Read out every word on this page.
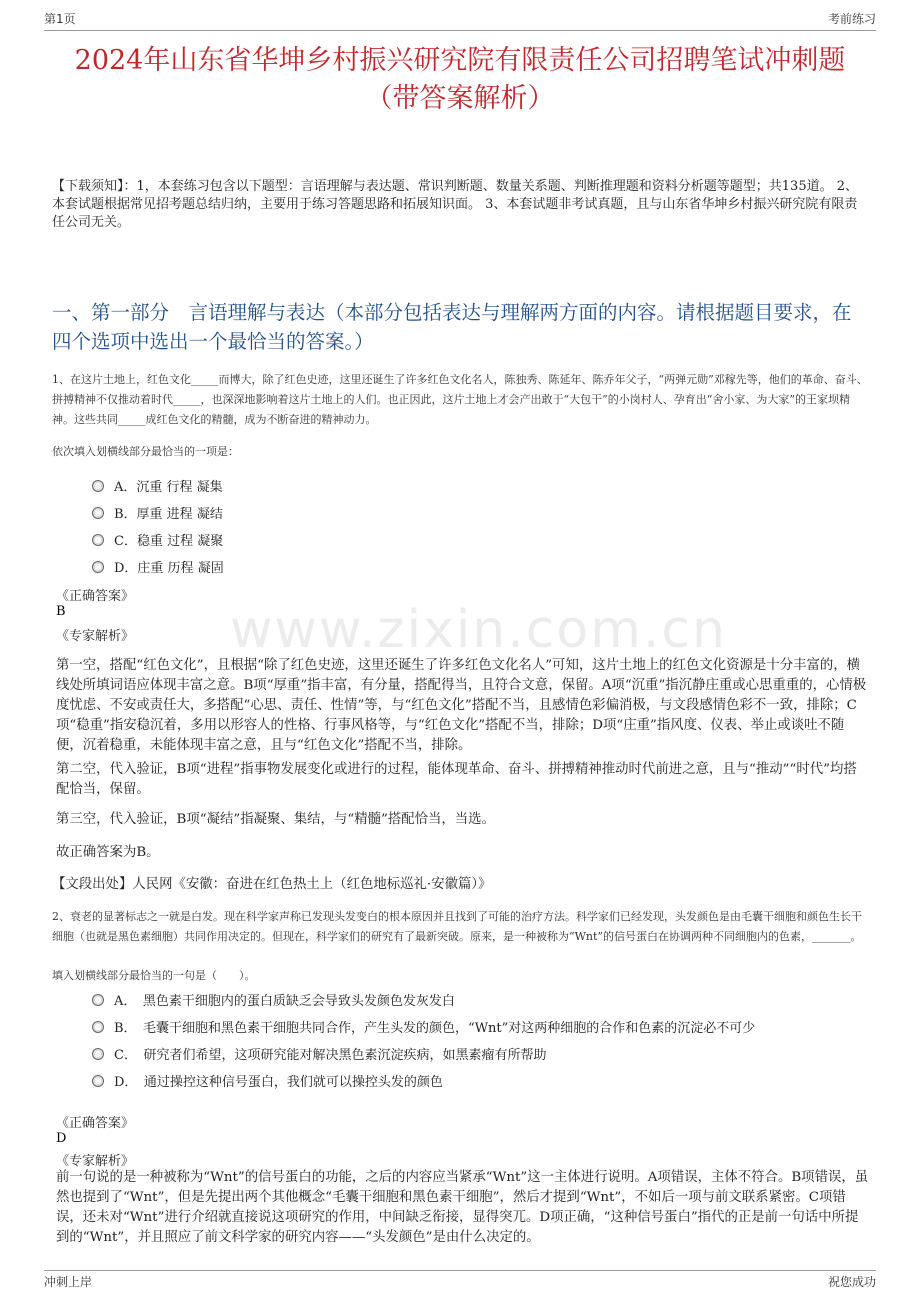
第1页	考前练习
www.zixin.com.cn
2024年山东省华坤乡村振兴研究院有限责任公司招聘笔试冲刺题（带答案解析）
【下载须知】：1，本套练习包含以下题型：言语理解与表达题、常识判断题、数量关系题、判断推理题和资料分析题等题型；共135道。 2、本套试题根据常见招考题总结归纳，主要用于练习答题思路和拓展知识面。 3、本套试题非考试真题，且与山东省华坤乡村振兴研究院有限责任公司无关。
一、第一部分　言语理解与表达（本部分包括表达与理解两方面的内容。请根据题目要求，在四个选项中选出一个最恰当的答案。）
1、在这片土地上，红色文化_____而博大，除了红色史迹，这里还诞生了许多红色文化名人，陈独秀、陈延年、陈乔年父子，“两弹元勋”邓稼先等，他们的革命、奋斗、拼搏精神不仅推动着时代_____，也深深地影响着这片土地上的人们。也正因此，这片土地上才会产出敢于“大包干”的小岗村人、孕育出“舍小家、为大家”的王家坝精神。这些共同_____成红色文化的精髓，成为不断奋进的精神动力。
依次填入划横线部分最恰当的一项是：
A．沉重 行程 凝集
B．厚重 进程 凝结
C．稳重 过程 凝聚
D．庄重 历程 凝固
《正确答案》
B
《专家解析》
第一空，搭配“红色文化”，且根据“除了红色史迹，这里还诞生了许多红色文化名人”可知，这片土地上的红色文化资源是十分丰富的，横线处所填词语应体现丰富之意。B项“厚重”指丰富，有分量，搭配得当，且符合文意，保留。A项“沉重”指沉静庄重或心思重重的，心情极度忧虑、不安或责任大，多搭配“心思、责任、性情”等，与“红色文化”搭配不当，且感情色彩偏消极，与文段感情色彩不一致，排除；C项“稳重”指安稳沉着，多用以形容人的性格、行事风格等，与“红色文化”搭配不当，排除；D项“庄重”指风度、仪表、举止或谈吐不随便，沉着稳重，未能体现丰富之意，且与“红色文化”搭配不当，排除。
第二空，代入验证，B项“进程”指事物发展变化或进行的过程，能体现革命、奋斗、拼搏精神推动时代前进之意，且与“推动”“时代”均搭配恰当，保留。
第三空，代入验证，B项“凝结”指凝聚、集结，与“精髓”搭配恰当，当选。
故正确答案为B。
【文段出处】人民网《安徽：奋进在红色热土上（红色地标巡礼·安徽篇）》
2、衰老的显著标志之一就是白发。现在科学家声称已发现头发变白的根本原因并且找到了可能的治疗方法。科学家们已经发现，头发颜色是由毛囊干细胞和颜色生长干细胞（也就是黑色素细胞）共同作用决定的。但现在，科学家们的研究有了最新突破。原来，是一种被称为“Wnt”的信号蛋白在协调两种不同细胞内的色素，_______。
填入划横线部分最恰当的一句是（　　）。
A．　黑色素干细胞内的蛋白质缺乏会导致头发颜色发灰发白
B．　毛囊干细胞和黑色素干细胞共同合作，产生头发的颜色，“Wnt”对这两种细胞的合作和色素的沉淀必不可少
C．　研究者们希望，这项研究能对解决黑色素沉淀疾病，如黑素瘤有所帮助
D．　通过操控这种信号蛋白，我们就可以操控头发的颜色
《正确答案》
D
《专家解析》
前一句说的是一种被称为“Wnt”的信号蛋白的功能，之后的内容应当紧承“Wnt”这一主体进行说明。A项错误，主体不符合。B项错误，虽然也提到了“Wnt”，但是先提出两个其他概念“毛囊干细胞和黑色素干细胞”，然后才提到“Wnt”，不如后一项与前文联系紧密。C项错误，还未对“Wnt”进行介绍就直接说这项研究的作用，中间缺乏衔接，显得突兀。D项正确，“这种信号蛋白”指代的正是前一句话中所提到的“Wnt”，并且照应了前文科学家的研究内容——“头发颜色”是由什么决定的。
冲刺上岸	祝您成功
